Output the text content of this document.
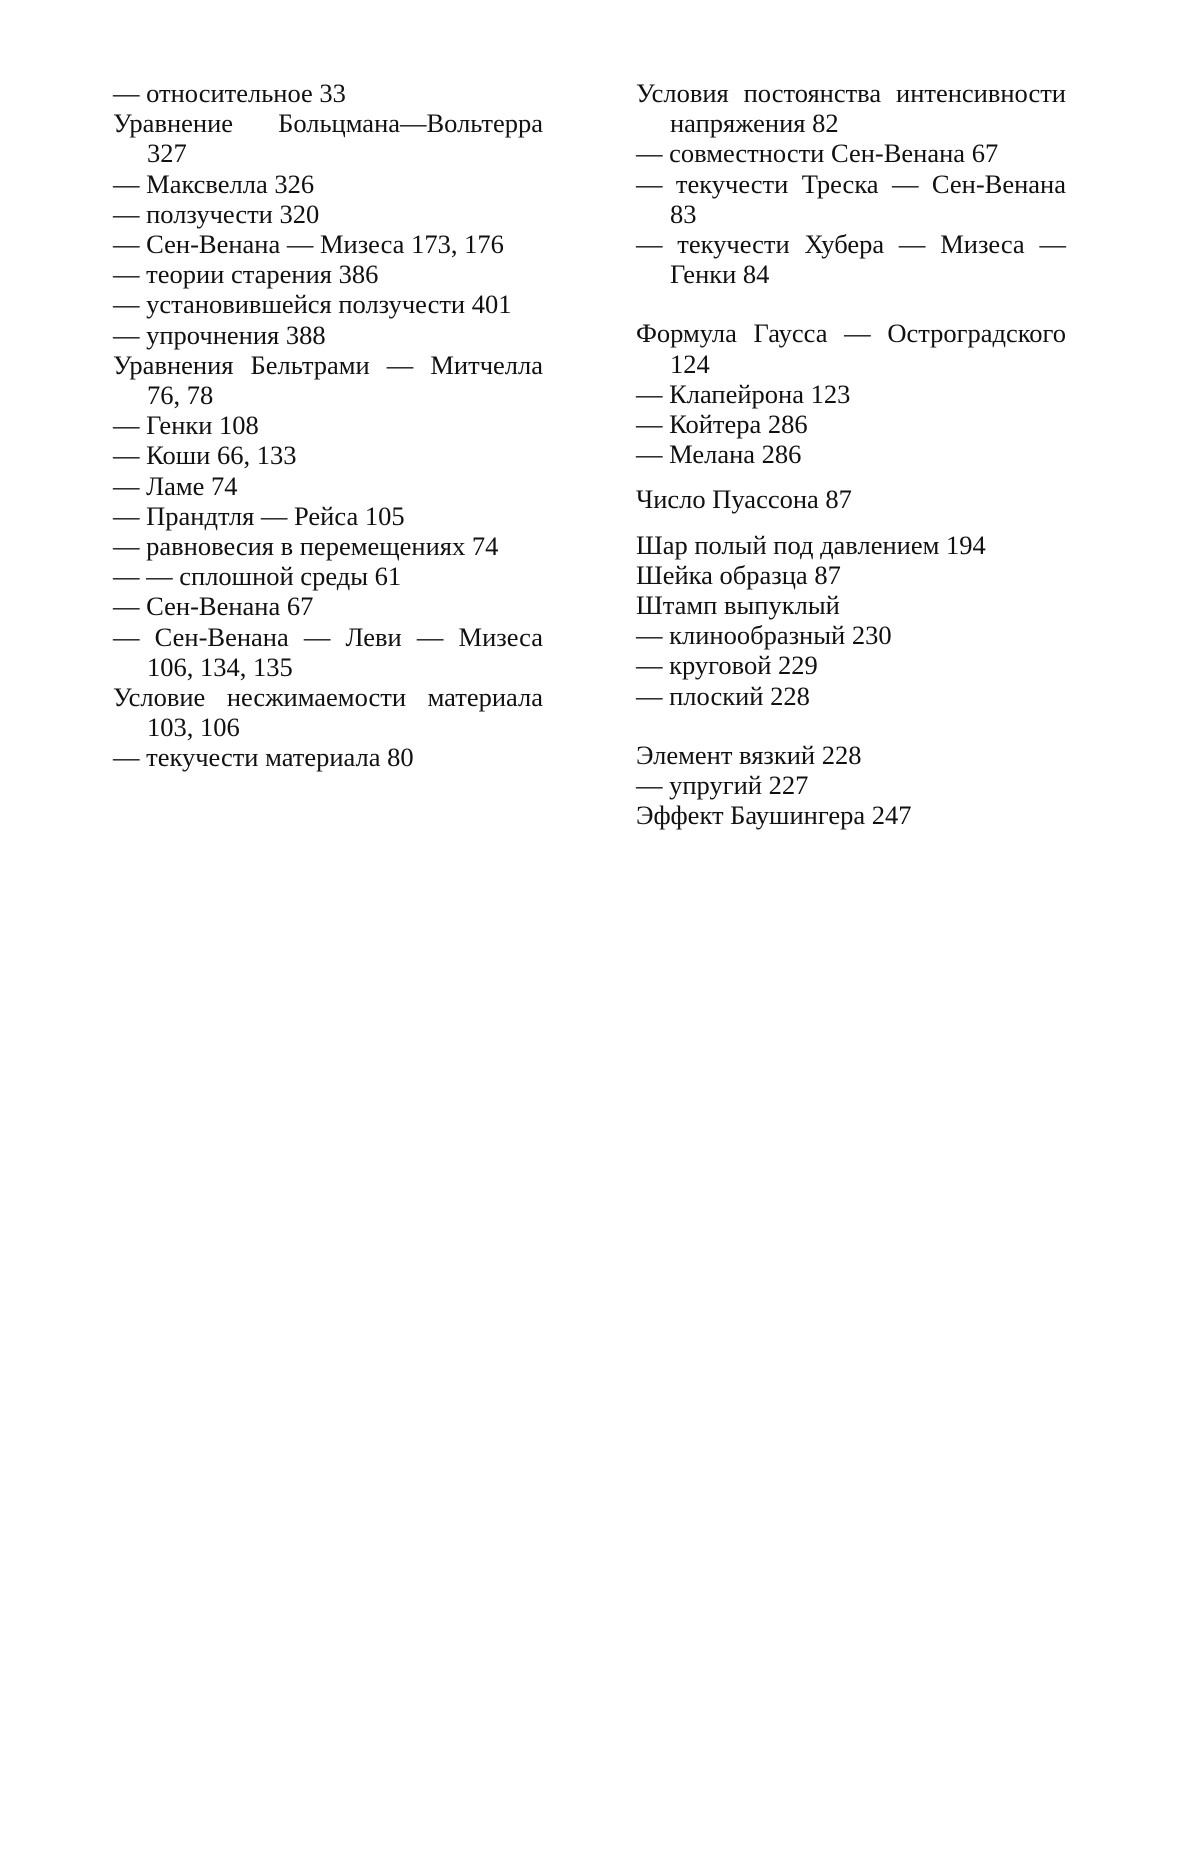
— относительное 33

Уравнение Больцмана—Вольтерра 327

— Максвелла 326

— ползучести 320

— Сен-Венана — Мизеса 173, 176

— теории старения 386

— установившейся ползучести 401

— упрочнения 388

Уравнения Бельтрами — Митчелла 76, 78

— Генки 108

— Коши 66, 133

— Ламе 74

— Прандтля — Рейса 105

— равновесия в перемещениях 74

— — сплошной среды 61

— Сен-Венана 67

— Сен-Венана — Леви — Мизеса 106, 134, 135

Условие несжимаемости материала 103, 106

— текучести материала 80

Условия постоянства интенсивности напряжения 82

— совместности Сен-Венана 67

— текучести Треска — Сен-Венана 83

— текучести Хубера — Мизеса — Генки 84

Формула Гаусса — Остроградского 124

— Клапейрона 123

— Койтера 286

— Мелана 286

Число Пуассона 87

Шар полый под давлением 194

Шейка образца 87

Штамп выпуклый

— клинообразный 230

— круговой 229

— плоский 228

Элемент вязкий 228

— упругий 227

Эффект Баушингера 247
